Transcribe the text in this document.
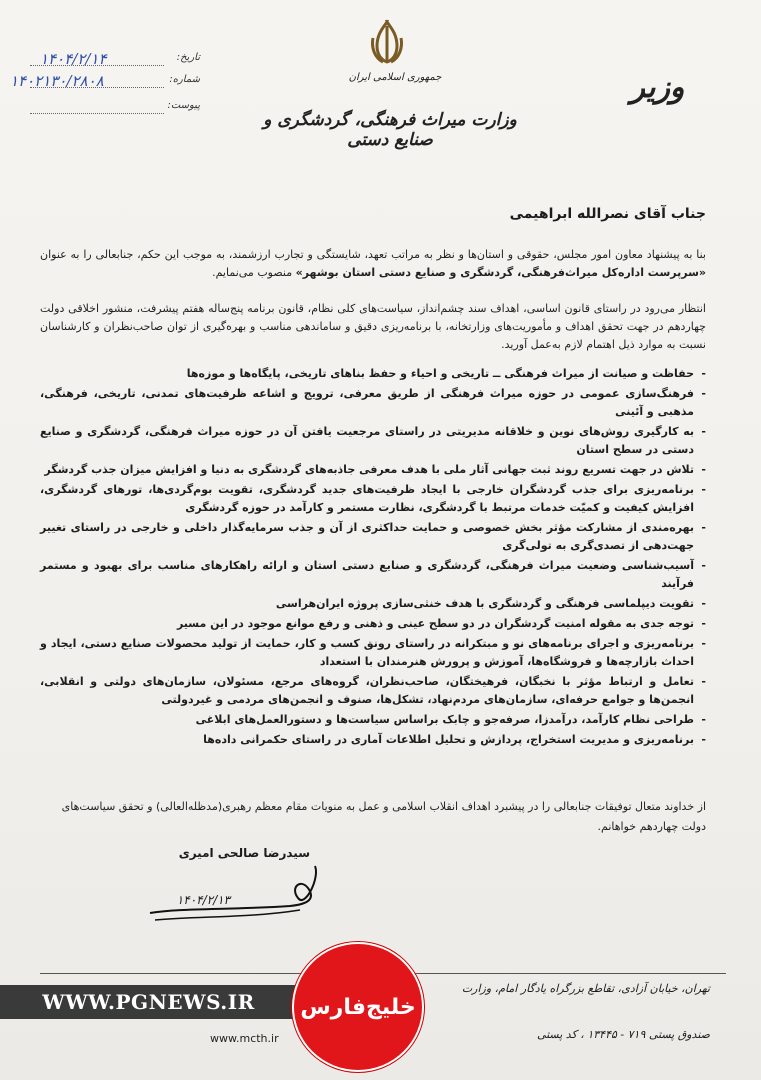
وزیر
جمهوری اسلامی ایران
وزارت میراث فرهنگی، گردشگری و صنایع دستی
تاریخ:
۱۴۰۴/۲/۱۴
شماره:
۱۴۰۲۱۳۰/۲۸۰۸
پیوست:
جناب آقای نصرالله ابراهیمی
بنا به پیشنهاد معاون امور مجلس، حقوقی و استان‌ها و نظر به مراتب تعهد، شایستگی و تجارب ارزشمند، به موجب این حکم، جنابعالی را به عنوان «سرپرست اداره‌کل میراث‌فرهنگی، گردشگری و صنایع دستی استان بوشهر» منصوب می‌نمایم.
انتظار می‌رود در راستای قانون اساسی، اهداف سند چشم‌انداز، سیاست‌های کلی نظام، قانون برنامه پنج‌ساله هفتم پیشرفت، منشور اخلاقی دولت چهاردهم در جهت تحقق اهداف و مأموریت‌های وزارتخانه، با برنامه‌ریزی دقیق و ساماندهی مناسب و بهره‌گیری از توان صاحب‌نظران و کارشناسان نسبت به موارد ذیل اهتمام لازم به‌عمل آورید.
- حفاظت و صیانت از میراث فرهنگی ــ تاریخی و احیاء و حفظ بناهای تاریخی، پایگاه‌ها و موزه‌ها
- فرهنگ‌سازی عمومی در حوزه میراث فرهنگی از طریق معرفی، ترویج و اشاعه ظرفیت‌های تمدنی، تاریخی، فرهنگی، مذهبی و آئینی
- به کارگیری روش‌های نوین و خلاقانه مدیریتی در راستای مرجعیت یافتن آن در حوزه میراث فرهنگی، گردشگری و صنایع دستی در سطح استان
- تلاش در جهت تسریع روند ثبت جهانی آثار ملی با هدف معرفی جاذبه‌های گردشگری به دنیا و افزایش میزان جذب گردشگر
- برنامه‌ریزی برای جذب گردشگران خارجی با ایجاد ظرفیت‌های جدید گردشگری، تقویت بوم‌گردی‌ها، تورهای گردشگری، افزایش کیفیت و کمیّت خدمات مرتبط با گردشگری، نظارت مستمر و کارآمد در حوزه گردشگری
- بهره‌مندی از مشارکت مؤثر بخش خصوصی و حمایت حداکثری از آن و جذب سرمایه‌گذار داخلی و خارجی در راستای تغییر جهت‌دهی از تصدی‌گری به تولی‌گری
- آسیب‌شناسی وضعیت میراث فرهنگی، گردشگری و صنایع دستی استان و ارائه راهکارهای مناسب برای بهبود و مستمر فرآیند
- تقویت دیپلماسی فرهنگی و گردشگری با هدف خنثی‌سازی پروژه ایران‌هراسی
- توجه جدی به مقوله امنیت گردشگران در دو سطح عینی و ذهنی و رفع موانع موجود در این مسیر
- برنامه‌ریزی و اجرای برنامه‌های نو و مبتکرانه در راستای رونق کسب و کار، حمایت از تولید محصولات صنایع دستی، ایجاد و احداث بازارچه‌ها و فروشگاه‌ها، آموزش و پرورش هنرمندان با استعداد
- تعامل و ارتباط مؤثر با نخبگان، فرهیختگان، صاحب‌نظران، گروه‌های مرجع، مسئولان، سازمان‌های دولتی و انقلابی، انجمن‌ها و جوامع حرفه‌ای، سازمان‌های مردم‌نهاد، تشکل‌ها، صنوف و انجمن‌های مردمی و غیردولتی
- طراحی نظام کارآمد، درآمدزا، صرفه‌جو و چابک براساس سیاست‌ها و دستورالعمل‌های ابلاغی
- برنامه‌ریزی و مدیریت استخراج، پردازش و تحلیل اطلاعات آماری در راستای حکمرانی داده‌ها
از خداوند متعال توفیقات جنابعالی را در پیشبرد اهداف انقلاب اسلامی و عمل به منویات مقام معظم رهبری(مدظله‌العالی) و تحقق سیاست‌های دولت چهاردهم خواهانم.
سیدرضا صالحی امیری
۱۴۰۴/۲/۱۳
تهران، خیابان آزادی، تقاطع بزرگراه یادگار امام، وزارت
صندوق پستی ۷۱۹ - ۱۳۴۴۵ ، کد پستی
www.mcth.ir
WWW.PGNEWS.IR	خلیج‌فارس
